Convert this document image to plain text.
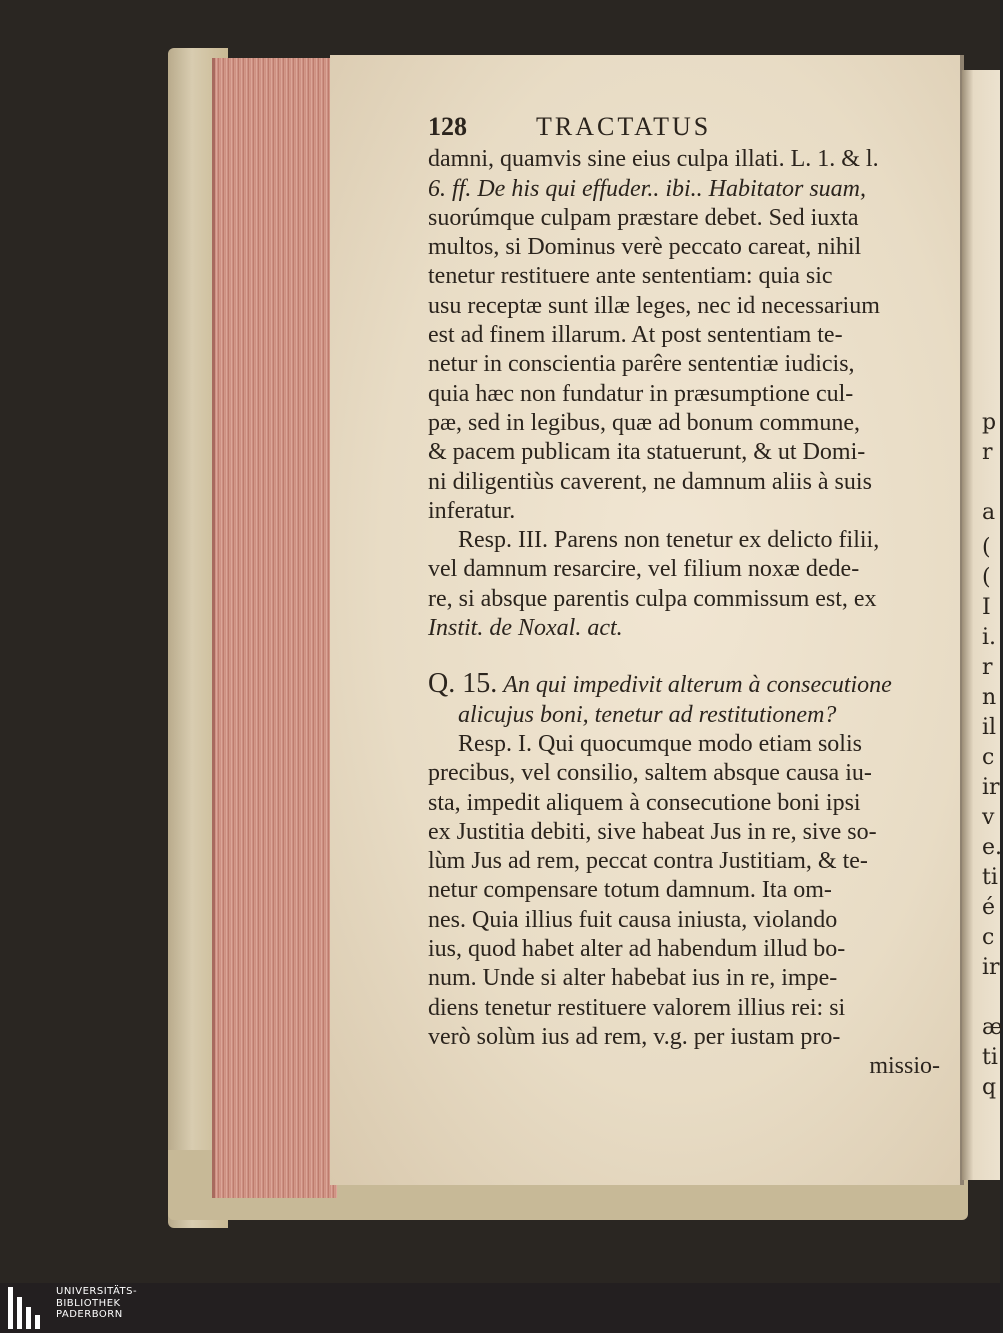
p
r
a
(
(
I
i.
r
n
il
c
ir
v
e.
ti
é
c
ir
æ
ti
q
128	TRACTATUS
damni, quamvis sine eius culpa illati. L. 1. & l.
6. ff. De his qui effuder.. ibi.. Habitator suam,
suorúmque culpam præstare debet. Sed iuxta
multos, si Dominus verè peccato careat, nihil
tenetur restituere ante sententiam: quia sic
usu receptæ sunt illæ leges, nec id necessarium
est ad finem illarum. At post sententiam te-
netur in conscientia parêre sententiæ iudicis,
quia hæc non fundatur in præsumptione cul-
pæ, sed in legibus, quæ ad bonum commune,
& pacem publicam ita statuerunt, & ut Domi-
ni diligentiùs caverent, ne damnum aliis à suis
inferatur.
Resp. III. Parens non tenetur ex delicto filii,
vel damnum resarcire, vel filium noxæ dede-
re, si absque parentis culpa commissum est, ex
Instit. de Noxal. act.
Q. 15. An qui impedivit alterum à consecutione
alicujus boni, tenetur ad restitutionem?
Resp. I. Qui quocumque modo etiam solis
precibus, vel consilio, saltem absque causa iu-
sta, impedit aliquem à consecutione boni ipsi
ex Justitia debiti, sive habeat Jus in re, sive so-
lùm Jus ad rem, peccat contra Justitiam, & te-
netur compensare totum damnum. Ita om-
nes. Quia illius fuit causa iniusta, violando
ius, quod habet alter ad habendum illud bo-
num. Unde si alter habebat ius in re, impe-
diens tenetur restituere valorem illius rei: si
verò solùm ius ad rem, v.g. per iustam pro-
missio-
UNIVERSITÄTS-
BIBLIOTHEK
PADERBORN
